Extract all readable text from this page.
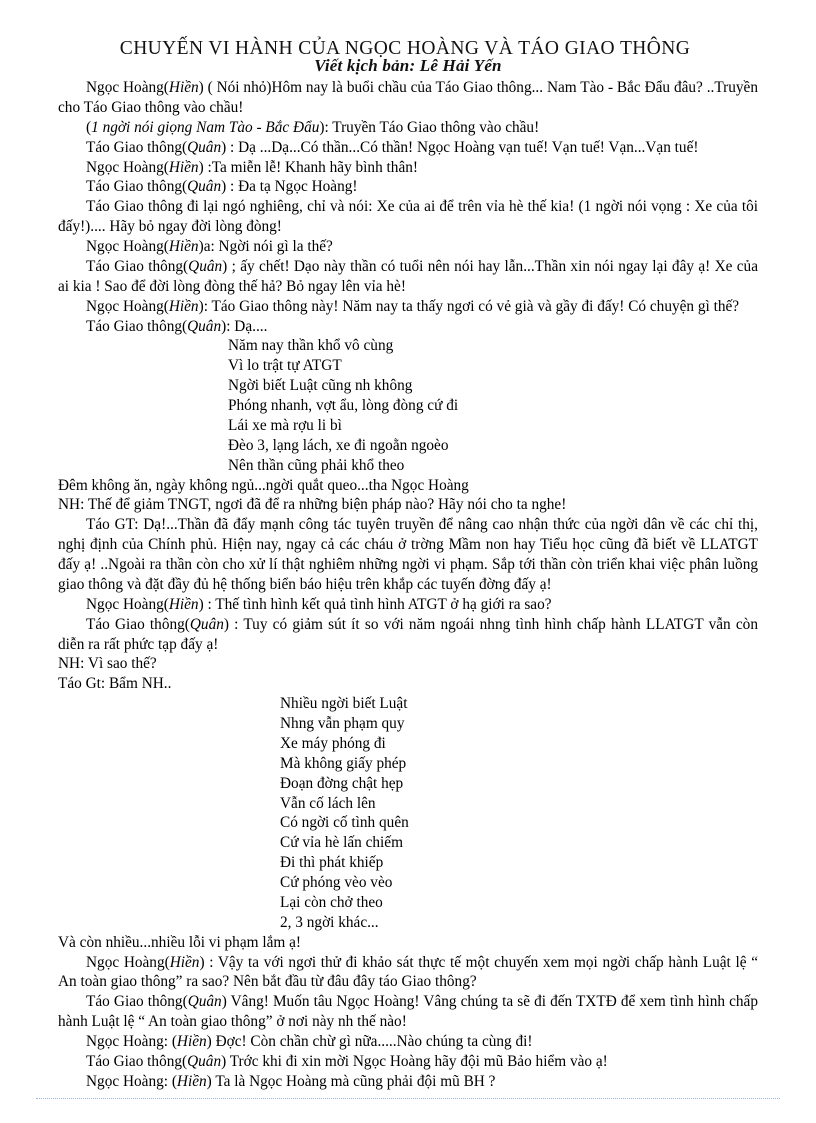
CHUYẾN VI HÀNH CỦA NGỌC HOÀNG VÀ TÁO GIAO THÔNG
Viết kịch bản: Lê Hải Yến

Ngọc Hoàng(Hiền) ( Nói nhỏ)Hôm nay là buổi chầu của Táo Giao thông... Nam Tào - Bắc Đẩu đâu? ..Truyền cho Táo Giao thông vào chầu!

(1 ngời nói giọng Nam Tào - Bắc Đẩu): Truyền Táo Giao thông vào chầu!

Táo Giao thông(Quân) : Dạ ...Dạ...Có thần...Có thần! Ngọc Hoàng vạn tuế! Vạn tuế! Vạn...Vạn tuế!

Ngọc Hoàng(Hiền) :Ta miễn lễ! Khanh hãy bình thân!

Táo Giao thông(Quân) : Đa tạ Ngọc Hoàng!

Táo Giao thông đi lại ngó nghiêng, chỉ và nói: Xe của ai để trên vỉa hè thế kia! (1 ngời nói vọng : Xe của tôi đấy!).... Hãy bỏ ngay đời lòng đòng!

Ngọc Hoàng(Hiền)a: Ngời nói gì la thế?

Táo Giao thông(Quân) ; ấy chết! Dạo này thần có tuổi nên nói hay lẫn...Thần xin nói ngay lại đây ạ! Xe của ai kia ! Sao để đời lòng đòng thế hả? Bỏ ngay lên vỉa hè!

Ngọc Hoàng(Hiền): Táo Giao thông này! Năm nay ta thấy ngơi có vẻ già và gầy đi đấy! Có chuyện gì thế?

Táo Giao thông(Quân): Dạ....

Năm nay thần khổ vô cùng

Vì lo trật tự ATGT

Ngời biết Luật cũng nh không

Phóng nhanh, vợt ẩu, lòng đòng cứ đi

Lái xe mà rợu li bì

Đèo 3, lạng lách, xe đi ngoằn ngoèo

Nên thần cũng phải khổ theo

Đêm không ăn, ngày không ngủ...ngời quắt queo...tha Ngọc Hoàng

NH: Thế để giảm TNGT, ngơi đã để ra những biện pháp nào? Hãy nói cho ta nghe!

Táo GT: Dạ!...Thần đã đẩy mạnh công tác tuyên truyền để nâng cao nhận thức của ngời dân về các chỉ thị, nghị định của Chính phủ. Hiện nay, ngay cả các cháu ở trờng Mầm non hay Tiểu học cũng đã biết về LLATGT đấy ạ! ..Ngoài ra thần còn cho xử lí thật nghiêm những ngời vi phạm. Sắp tới thần còn triển khai việc phân luồng giao thông và đặt đầy đủ hệ thống biển báo hiệu trên khắp các tuyến đờng đấy ạ!

Ngọc Hoàng(Hiền) : Thế tình hình kết quả tình hình ATGT ở hạ giới ra sao?

Táo Giao thông(Quân) : Tuy có giảm sút ít so với năm ngoái nhng tình hình chấp hành LLATGT vẫn còn diễn ra rất phức tạp đấy ạ!

NH: Vì sao thế?

Táo Gt: Bẩm NH..

Nhiều ngời biết Luật

Nhng vẫn phạm quy

Xe máy phóng đi

Mà không giấy phép

Đoạn đờng chật hẹp

Vẫn cố lách lên

Có ngời cố tình quên

Cứ vỉa hè lấn chiếm

Đi thì phát khiếp

Cứ phóng vèo vèo

Lại còn chở theo

2, 3 ngời khác...

Và còn nhiều...nhiều lỗi vi phạm lắm ạ!

Ngọc Hoàng(Hiền) : Vậy ta với ngơi thử đi khảo sát thực tế một chuyến xem mọi ngời chấp hành Luật lệ “ An toàn giao thông” ra sao? Nên bắt đầu từ đâu đây táo Giao thông?

Táo Giao thông(Quân) Vâng! Muốn tâu Ngọc Hoàng! Vâng chúng ta sẽ đi đến TXTĐ để xem tình hình chấp hành Luật lệ “ An toàn giao thông” ở nơi này nh thế nào!

Ngọc Hoàng: (Hiền) Đợc! Còn chần chừ gì nữa.....Nào chúng ta cùng đi!

Táo Giao thông(Quân) Trớc khi đi xin mời Ngọc Hoàng hãy đội mũ Bảo hiểm vào ạ!

Ngọc Hoàng: (Hiền) Ta là Ngọc Hoàng mà cũng phải đội mũ BH ?
